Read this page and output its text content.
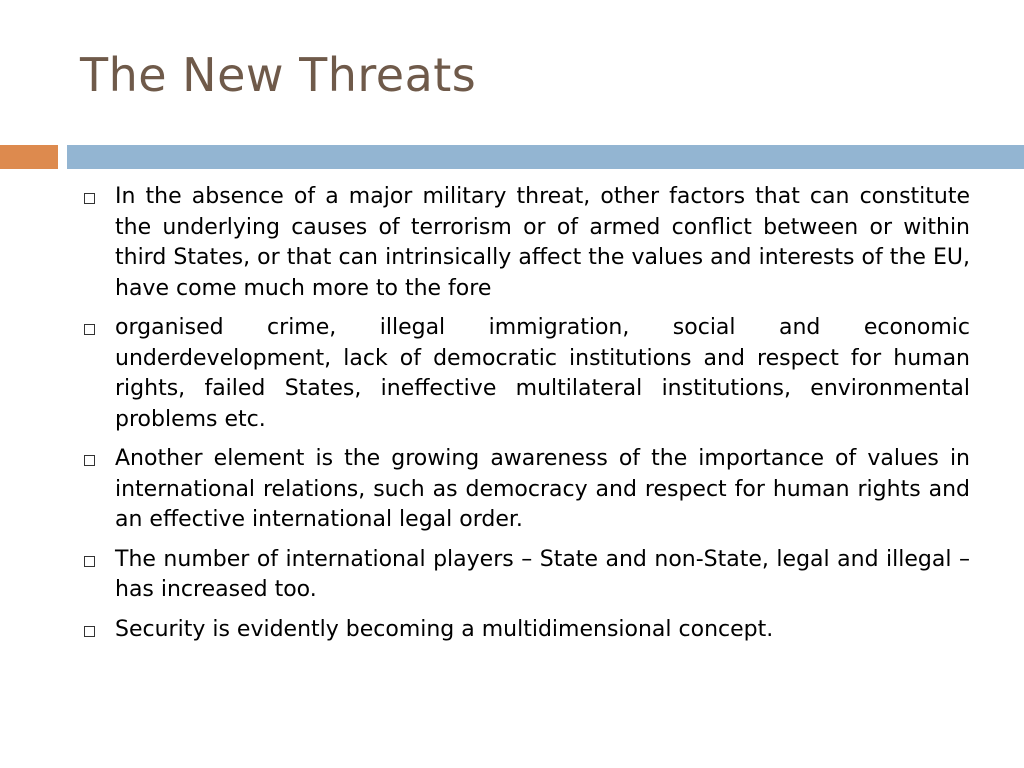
The New Threats
In the absence of a major military threat, other factors that can constitute the underlying causes of terrorism or of armed conflict between or within third States, or that can intrinsically affect the values and interests of the EU, have come much more to the fore
organised crime, illegal immigration, social and economic underdevelopment, lack of democratic institutions and respect for human rights, failed States, ineffective multilateral institutions, environmental problems etc.
Another element is the growing awareness of the importance of values in international relations, such as democracy and respect for human rights and an effective international legal order.
The number of international players – State and non-State, legal and illegal – has increased too.
Security is evidently becoming a multidimensional concept.
